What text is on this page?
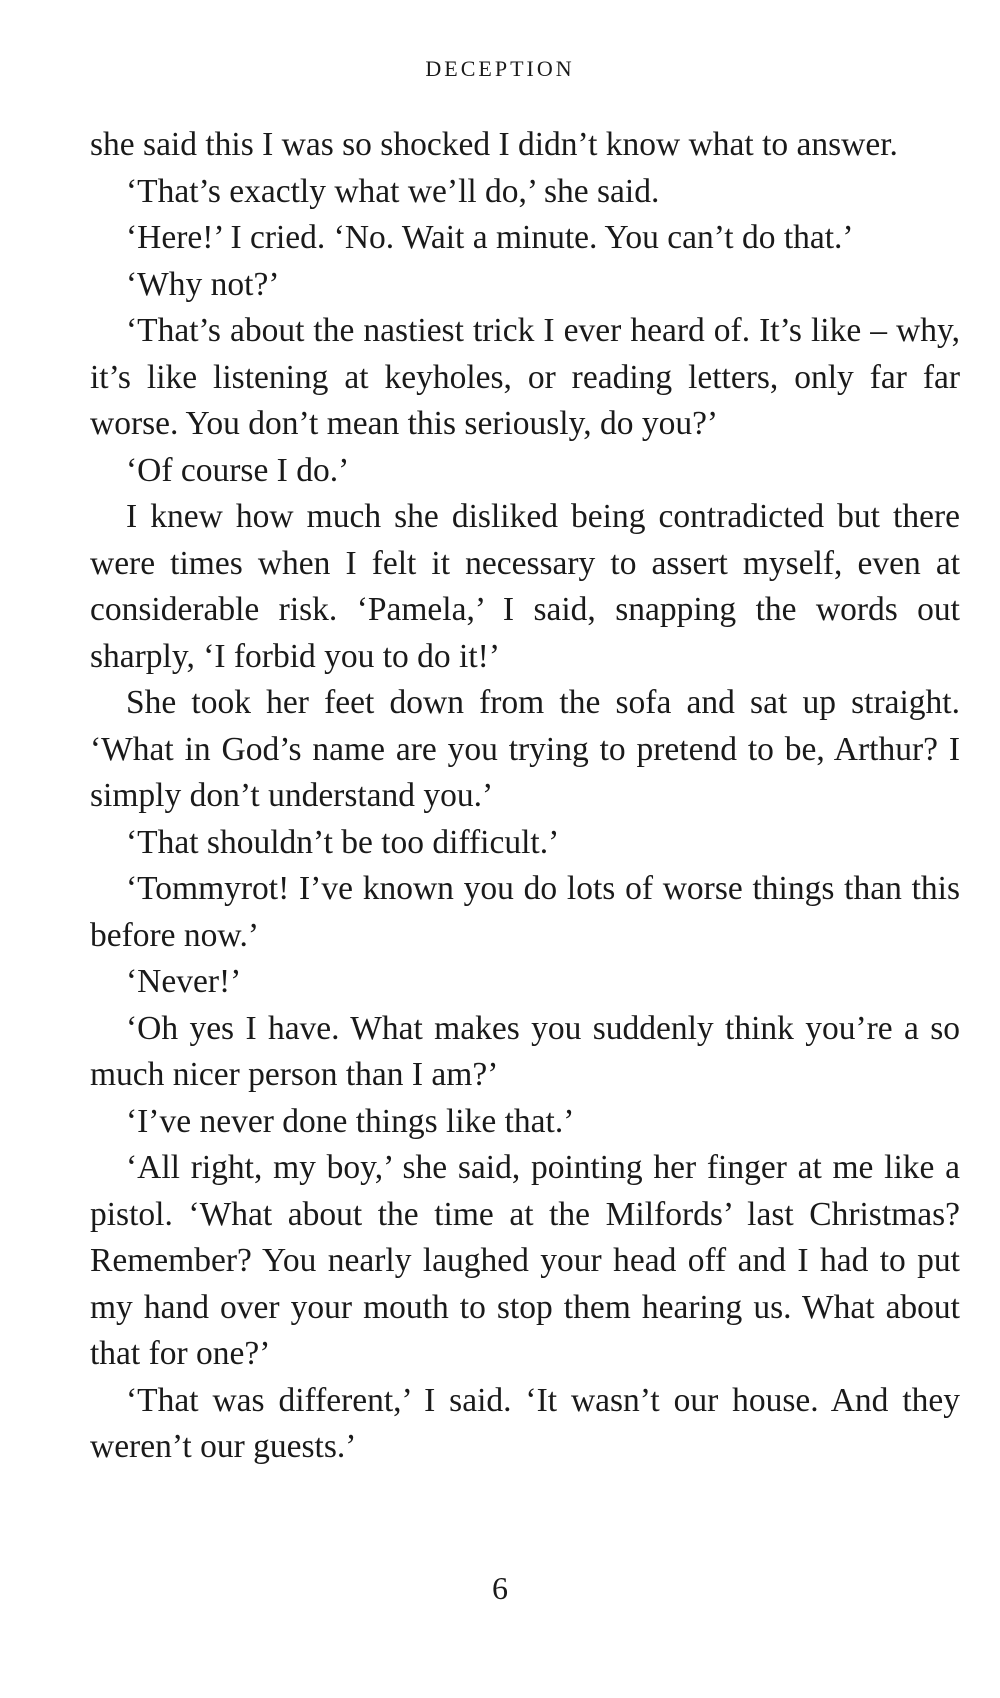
DECEPTION

she said this I was so shocked I didn’t know what to answer.

‘That’s exactly what we’ll do,’ she said.

‘Here!’ I cried. ‘No. Wait a minute. You can’t do that.’

‘Why not?’

‘That’s about the nastiest trick I ever heard of. It’s like – why, it’s like listening at keyholes, or reading letters, only far far worse. You don’t mean this seriously, do you?’

‘Of course I do.’

I knew how much she disliked being contradicted but there were times when I felt it necessary to assert myself, even at considerable risk. ‘Pamela,’ I said, snapping the words out sharply, ‘I forbid you to do it!’

She took her feet down from the sofa and sat up straight. ‘What in God’s name are you trying to pretend to be, Arthur? I simply don’t understand you.’

‘That shouldn’t be too difficult.’

‘Tommyrot! I’ve known you do lots of worse things than this before now.’

‘Never!’

‘Oh yes I have. What makes you suddenly think you’re a so much nicer person than I am?’

‘I’ve never done things like that.’

‘All right, my boy,’ she said, pointing her finger at me like a pistol. ‘What about the time at the Milfords’ last Christmas? Remember? You nearly laughed your head off and I had to put my hand over your mouth to stop them hearing us. What about that for one?’

‘That was different,’ I said. ‘It wasn’t our house. And they weren’t our guests.’

6
